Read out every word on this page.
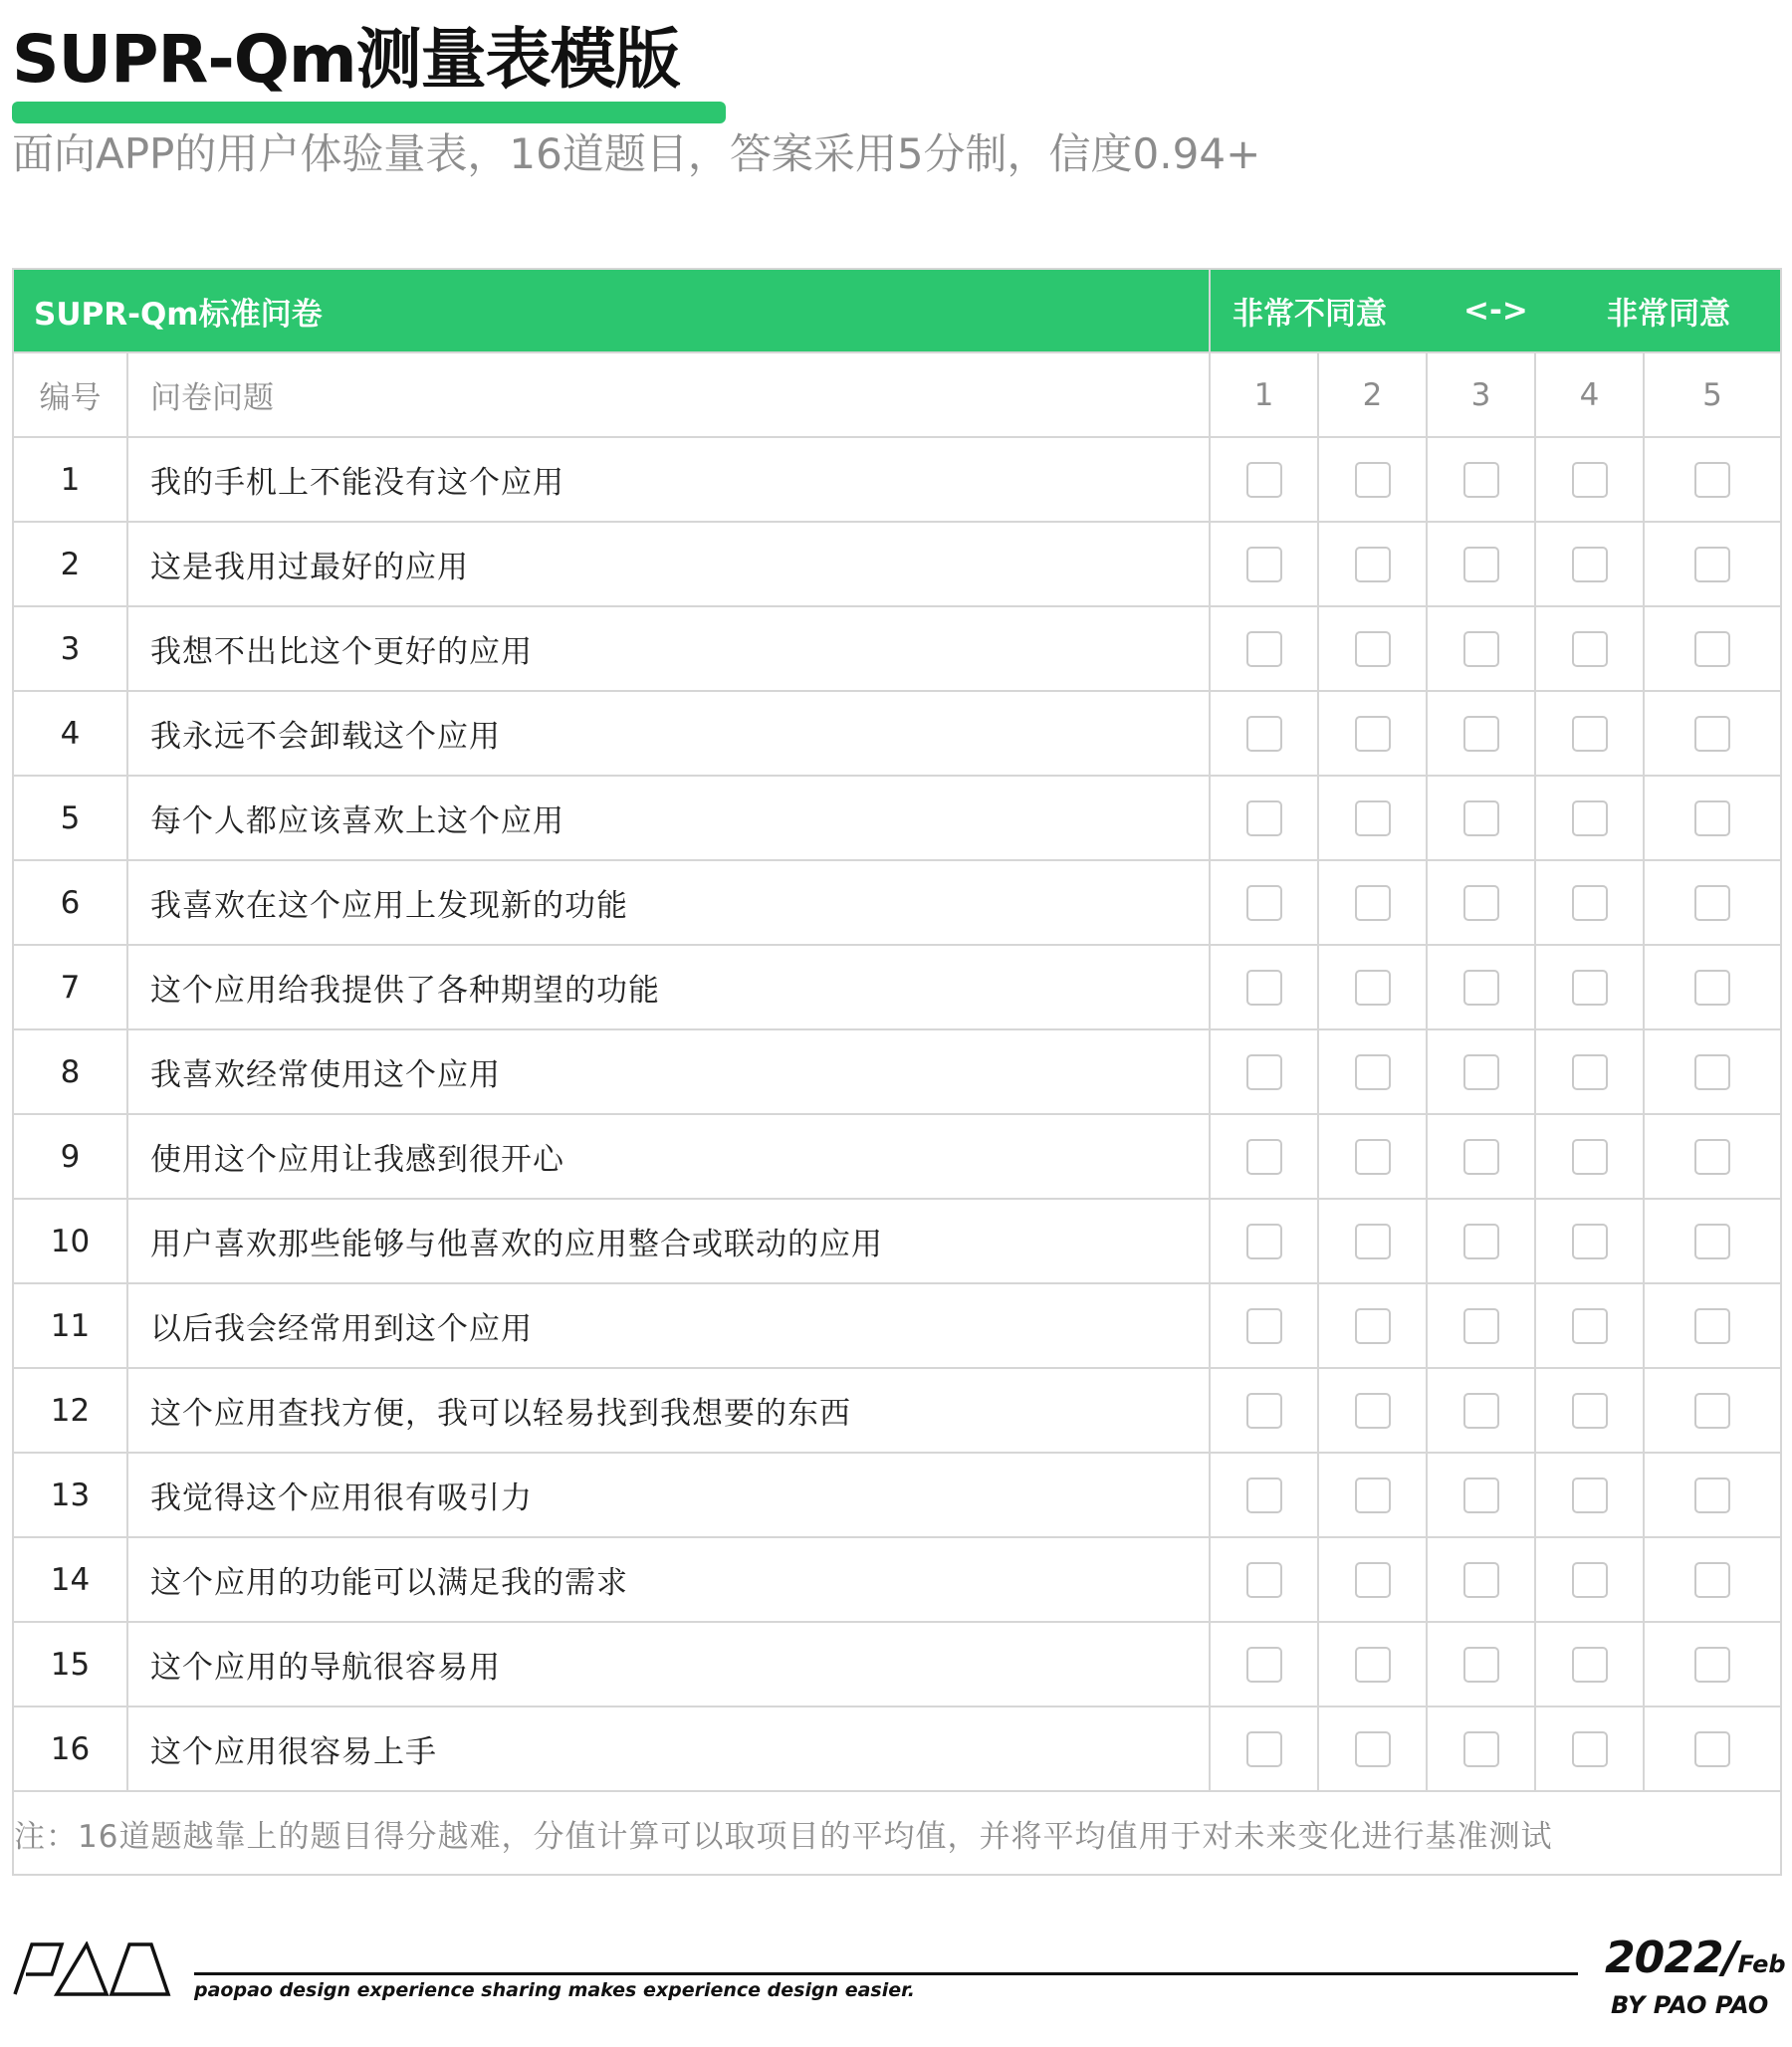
SUPR-Qm测量表模版
面向APP的用户体验量表，16道题目，答案采用5分制，信度0.94+
SUPR-Qm标准问卷		非常不同意 <-> 非常同意				

编号	问卷问题	1	2	3	4	5
1	我的手机上不能没有这个应用					
2	这是我用过最好的应用					
3	我想不出比这个更好的应用					
4	我永远不会卸载这个应用					
5	每个人都应该喜欢上这个应用					
6	我喜欢在这个应用上发现新的功能					
7	这个应用给我提供了各种期望的功能					
8	我喜欢经常使用这个应用					
9	使用这个应用让我感到很开心					
10	用户喜欢那些能够与他喜欢的应用整合或联动的应用					
11	以后我会经常用到这个应用					
12	这个应用查找方便，我可以轻易找到我想要的东西					
13	我觉得这个应用很有吸引力					
14	这个应用的功能可以满足我的需求					
15	这个应用的导航很容易用					
16	这个应用很容易上手					
注：16道题越靠上的题目得分越难，分值计算可以取项目的平均值，并将平均值用于对未来变化进行基准测试						
paopao design experience sharing makes experience design easier.
2022/Feb
BY PAO PAO
